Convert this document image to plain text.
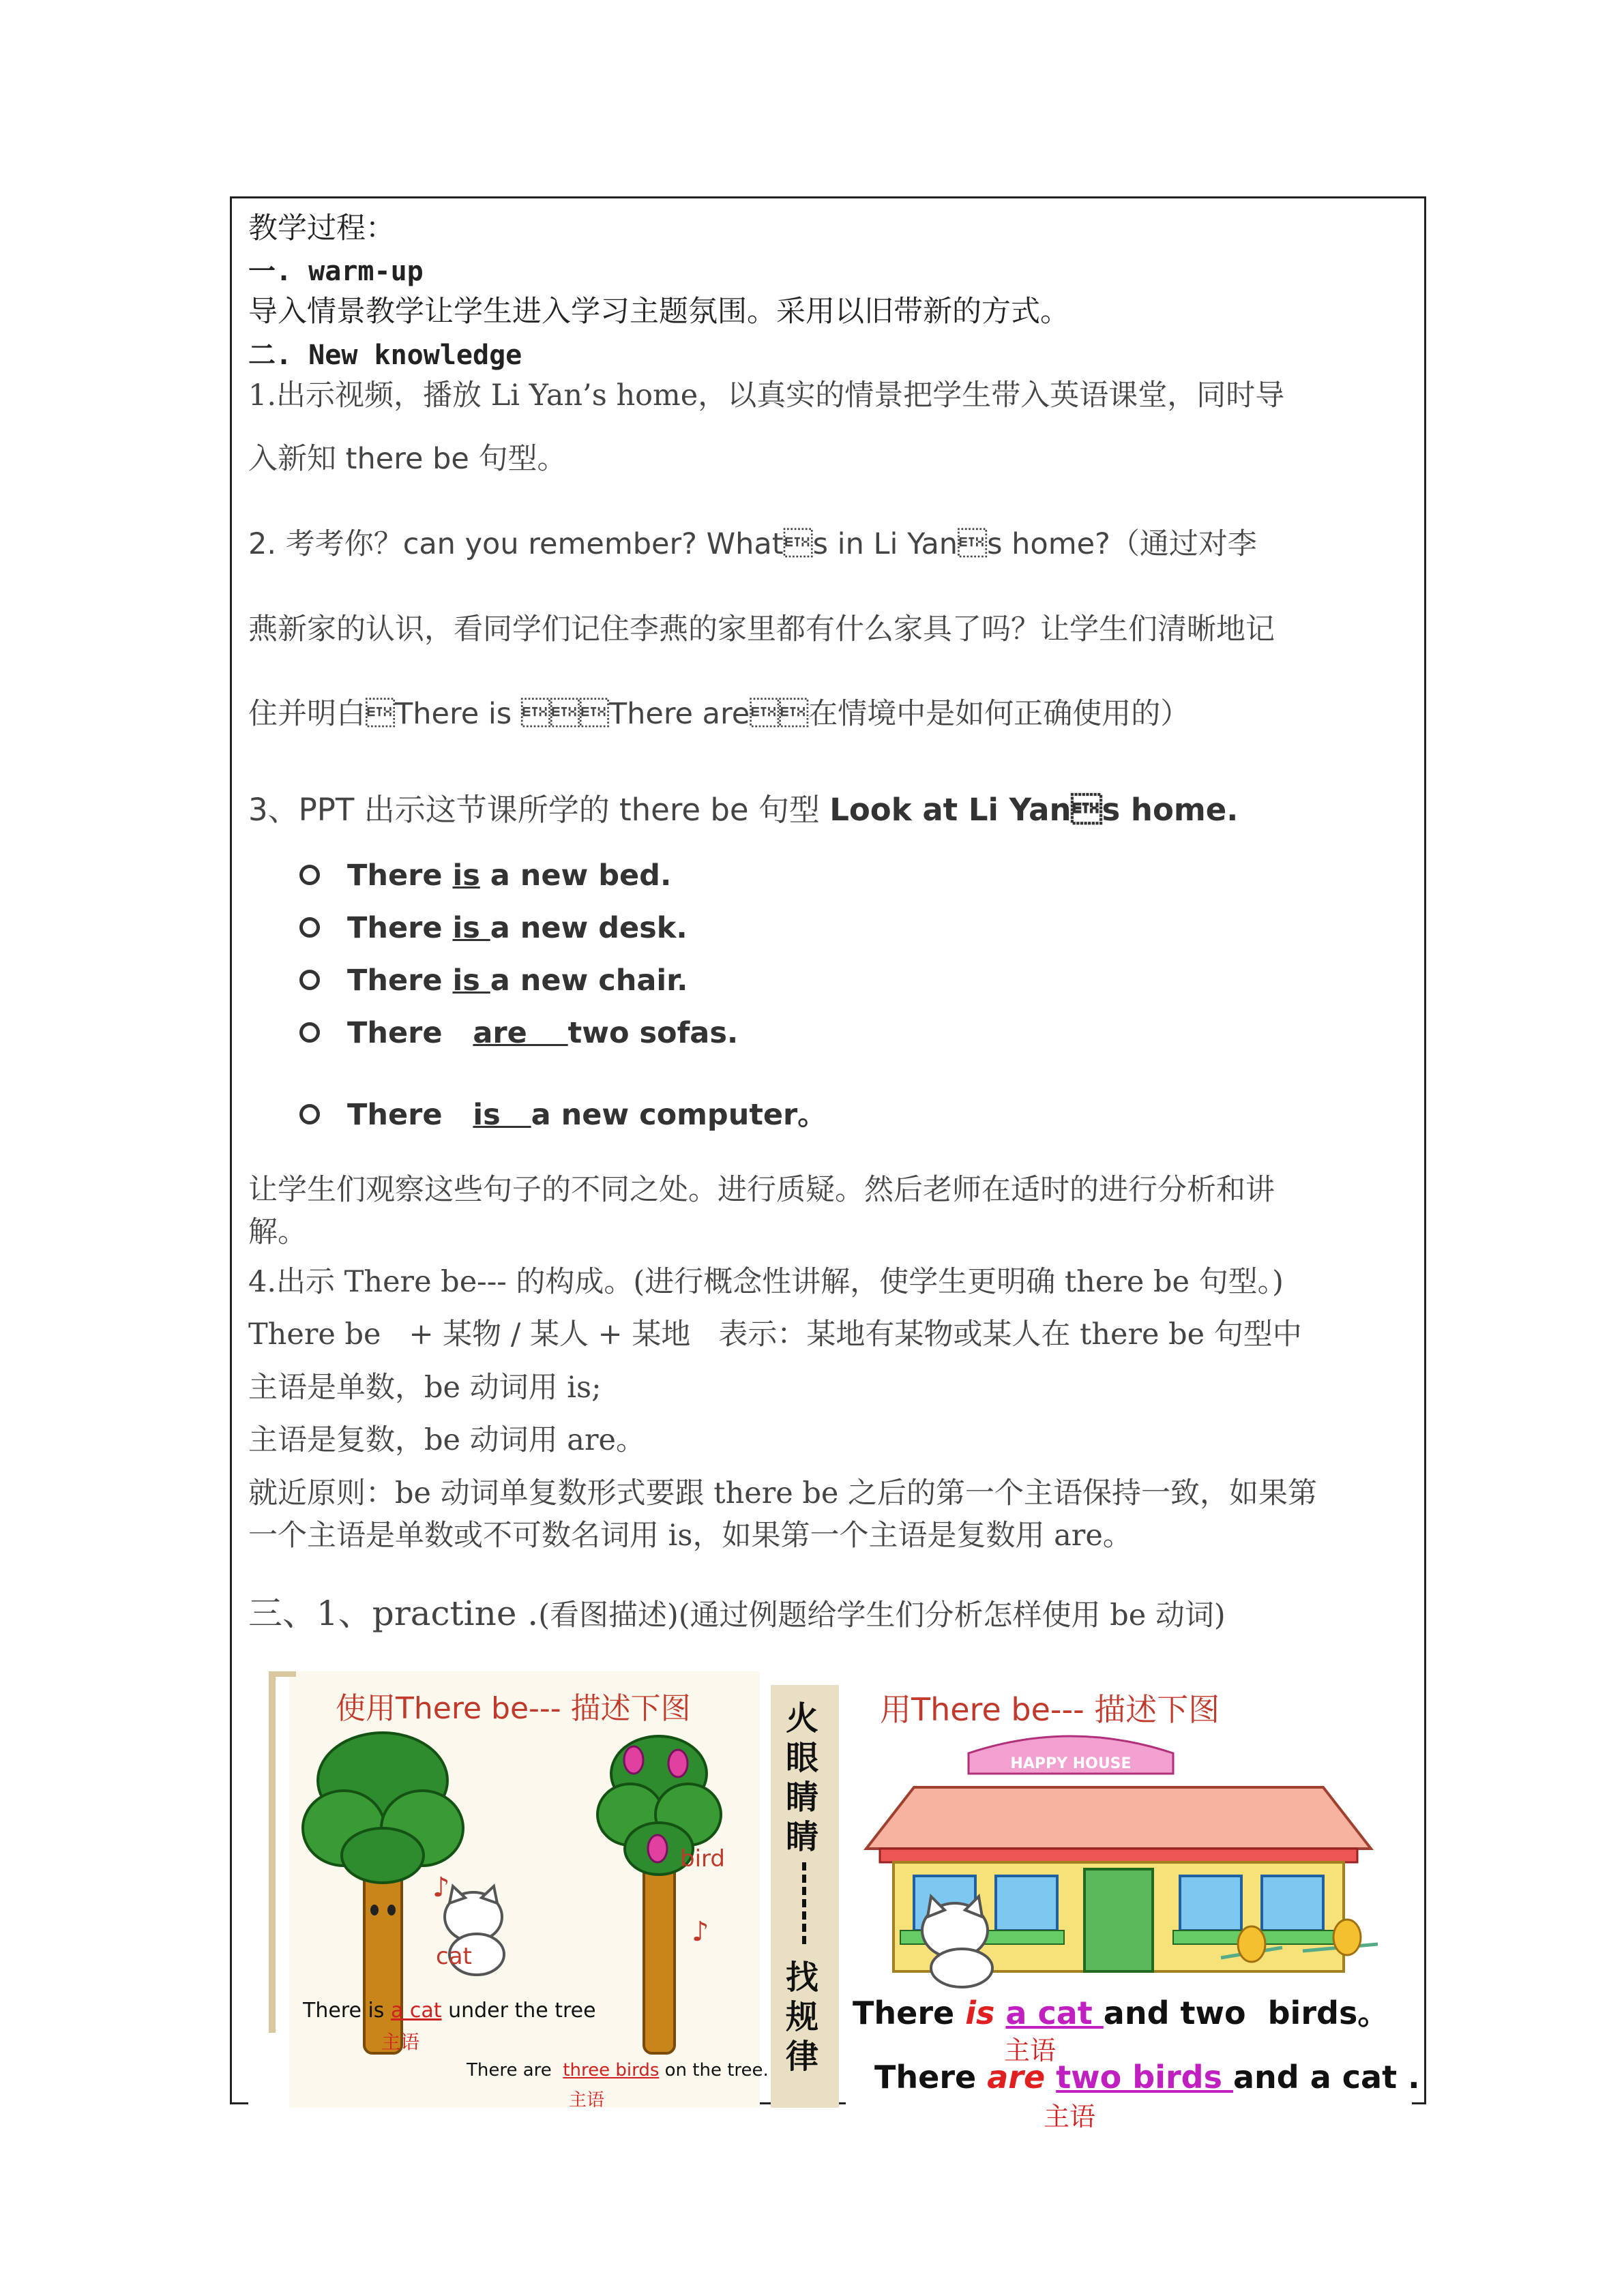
教学过程：
一. warm-up
导入情景教学让学生进入学习主题氛围。采用以旧带新的方式。
二. New knowledge
1.出示视频，播放 Li Yan’s home，以真实的情景把学生带入英语课堂，同时导
入新知 there be 句型。
2. 考考你？can you remember? Whats in Li Yans home?（通过对李
燕新家的认识，看同学们记住李燕的家里都有什么家具了吗？让学生们清晰地记
住并明白There is There are在情境中是如何正确使用的）
3、PPT 出示这节课所学的 there be 句型 Look at Li Yans home.
There is a new bed.
There is a new desk.
There is a new chair.
There   are    two sofas.
There   is   a new computer。
让学生们观察这些句子的不同之处。进行质疑。然后老师在适时的进行分析和讲
解。
4.出示 There be--- 的构成。(进行概念性讲解，使学生更明确 there be 句型。)
There be   + 某物 / 某人 + 某地   表示：某地有某物或某人在 there be 句型中
主语是单数，be 动词用 is;
主语是复数，be 动词用 are。
就近原则：be 动词单复数形式要跟 there be 之后的第一个主语保持一致，如果第
一个主语是单数或不可数名词用 is，如果第一个主语是复数用 are。
三、1、practine .(看图描述)(通过例题给学生们分析怎样使用 be 动词)
使用There be--- 描述下图
♪
♪
cat
bird
There is a cat under the tree
主语
There are  three birds on the tree.
主语
火眼睛睛
找规律
用There be--- 描述下图
HAPPY HOUSE
There is a cat and two  birds。
主语
There are two birds and a cat .
主语
